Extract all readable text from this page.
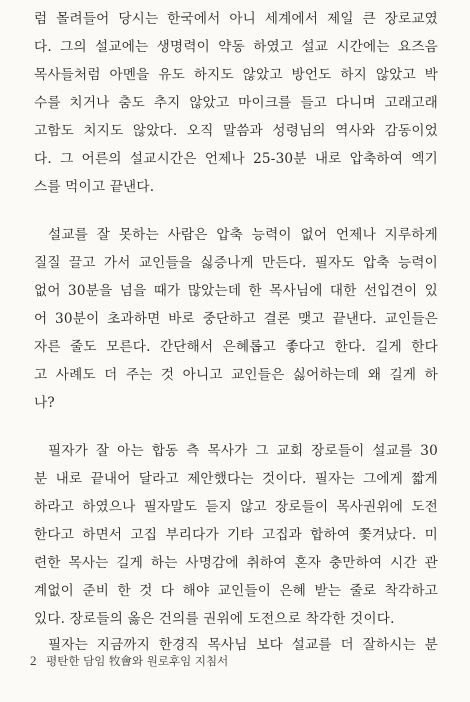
럼 몰려들어 당시는 한국에서 아니 세계에서 제일 큰 장로교였
다. 그의 설교에는 생명력이 약동 하였고 설교 시간에는 요즈음
목사들처럼 아멘을 유도 하지도 않았고 방언도 하지 않았고 박
수를 치거나 춤도 추지 않았고 마이크를 들고 다니며 고래고래
고함도 치지도 않았다. 오직 말씀과 성령님의 역사와 감동이었
다. 그 어른의 설교시간은 언제나 25-30분 내로 압축하여 엑기
스를 먹이고 끝낸다.
설교를 잘 못하는 사람은 압축 능력이 없어 언제나 지루하게
질질 끌고 가서 교인들을 싫증나게 만든다. 필자도 압축 능력이
없어 30분을 넘을 때가 많았는데 한 목사님에 대한 선입견이 있
어 30분이 초과하면 바로 중단하고 결론 맺고 끝낸다. 교인들은
자른 줄도 모른다. 간단해서 은혜롭고 좋다고 한다. 길게 한다
고 사례도 더 주는 것 아니고 교인들은 싫어하는데 왜 길게 하
나?
필자가 잘 아는 합동 측 목사가 그 교회 장로들이 설교를 30
분 내로 끝내어 달라고 제안했다는 것이다. 필자는 그에게 짧게
하라고 하였으나 필자말도 듣지 않고 장로들이 목사권위에 도전
한다고 하면서 고집 부리다가 기타 고집과 합하여 쫓겨났다. 미
련한 목사는 길게 하는 사명감에 취하여 혼자 충만하여 시간 관
계없이 준비 한 것 다 해야 교인들이 은혜 받는 줄로 착각하고
있다. 장로들의 옳은 건의를 권위에 도전으로 착각한 것이다.
필자는 지금까지 한경직 목사님 보다 설교를 더 잘하시는 분
2 평탄한 담임 牧會와 원로후임 지침서
